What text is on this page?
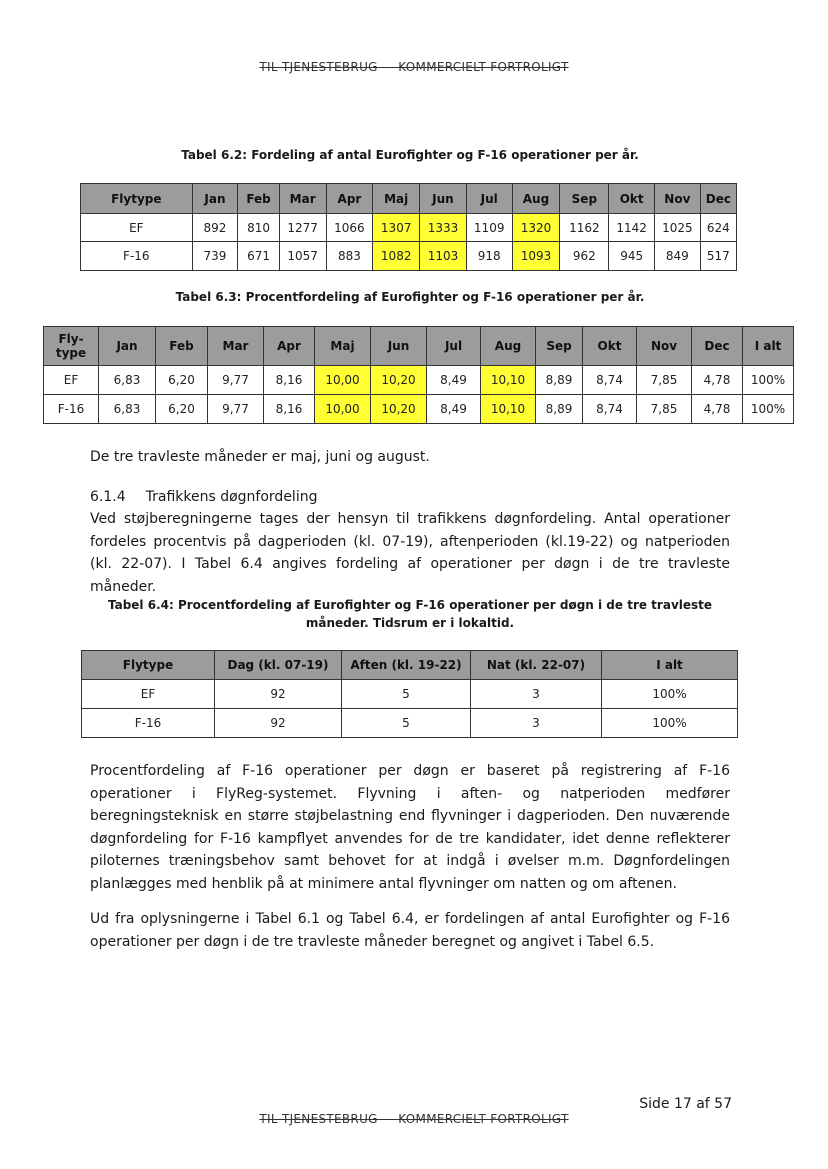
TIL TJENESTEBRUG — KOMMERCIELT FORTROLIGT
Tabel 6.2: Fordeling af antal Eurofighter og F-16 operationer per år.
Flytype	Jan	Feb	Mar	Apr	Maj	Jun	Jul	Aug	Sep	Okt	Nov	Dec
EF	892	810	1277	1066	1307	1333	1109	1320	1162	1142	1025	624
F-16	739	671	1057	883	1082	1103	918	1093	962	945	849	517
Tabel 6.3: Procentfordeling af Eurofighter og F-16 operationer per år.
Fly-type	Jan	Feb	Mar	Apr	Maj	Jun	Jul	Aug	Sep	Okt	Nov	Dec	I alt
EF	6,83	6,20	9,77	8,16	10,00	10,20	8,49	10,10	8,89	8,74	7,85	4,78	100%
F-16	6,83	6,20	9,77	8,16	10,00	10,20	8,49	10,10	8,89	8,74	7,85	4,78	100%
De tre travleste måneder er maj, juni og august.
6.1.4 Trafikkens døgnfordeling
Ved støjberegningerne tages der hensyn til trafikkens døgnfordeling. Antal operationer fordeles procentvis på dagperioden (kl. 07-19), aftenperioden (kl.19-22) og natperioden (kl. 22-07). I Tabel 6.4 angives fordeling af operationer per døgn i de tre travleste måneder.
Tabel 6.4: Procentfordeling af Eurofighter og F-16 operationer per døgn i de tre travleste måneder. Tidsrum er i lokaltid.
Flytype	Dag (kl. 07-19)	Aften (kl. 19-22)	Nat (kl. 22-07)	I alt
EF	92	5	3	100%
F-16	92	5	3	100%
Procentfordeling af F-16 operationer per døgn er baseret på registrering af F-16 operationer i FlyReg-systemet. Flyvning i aften- og natperioden medfører beregningsteknisk en større støjbelastning end flyvninger i dagperioden. Den nuværende døgnfordeling for F-16 kampflyet anvendes for de tre kandidater, idet denne reflekterer piloternes træningsbehov samt behovet for at indgå i øvelser m.m. Døgnfordelingen planlægges med henblik på at minimere antal flyvninger om natten og om aftenen.
Ud fra oplysningerne i Tabel 6.1 og Tabel 6.4, er fordelingen af antal Eurofighter og F-16 operationer per døgn i de tre travleste måneder beregnet og angivet i Tabel 6.5.
Side 17 af 57
TIL TJENESTEBRUG — KOMMERCIELT FORTROLIGT
